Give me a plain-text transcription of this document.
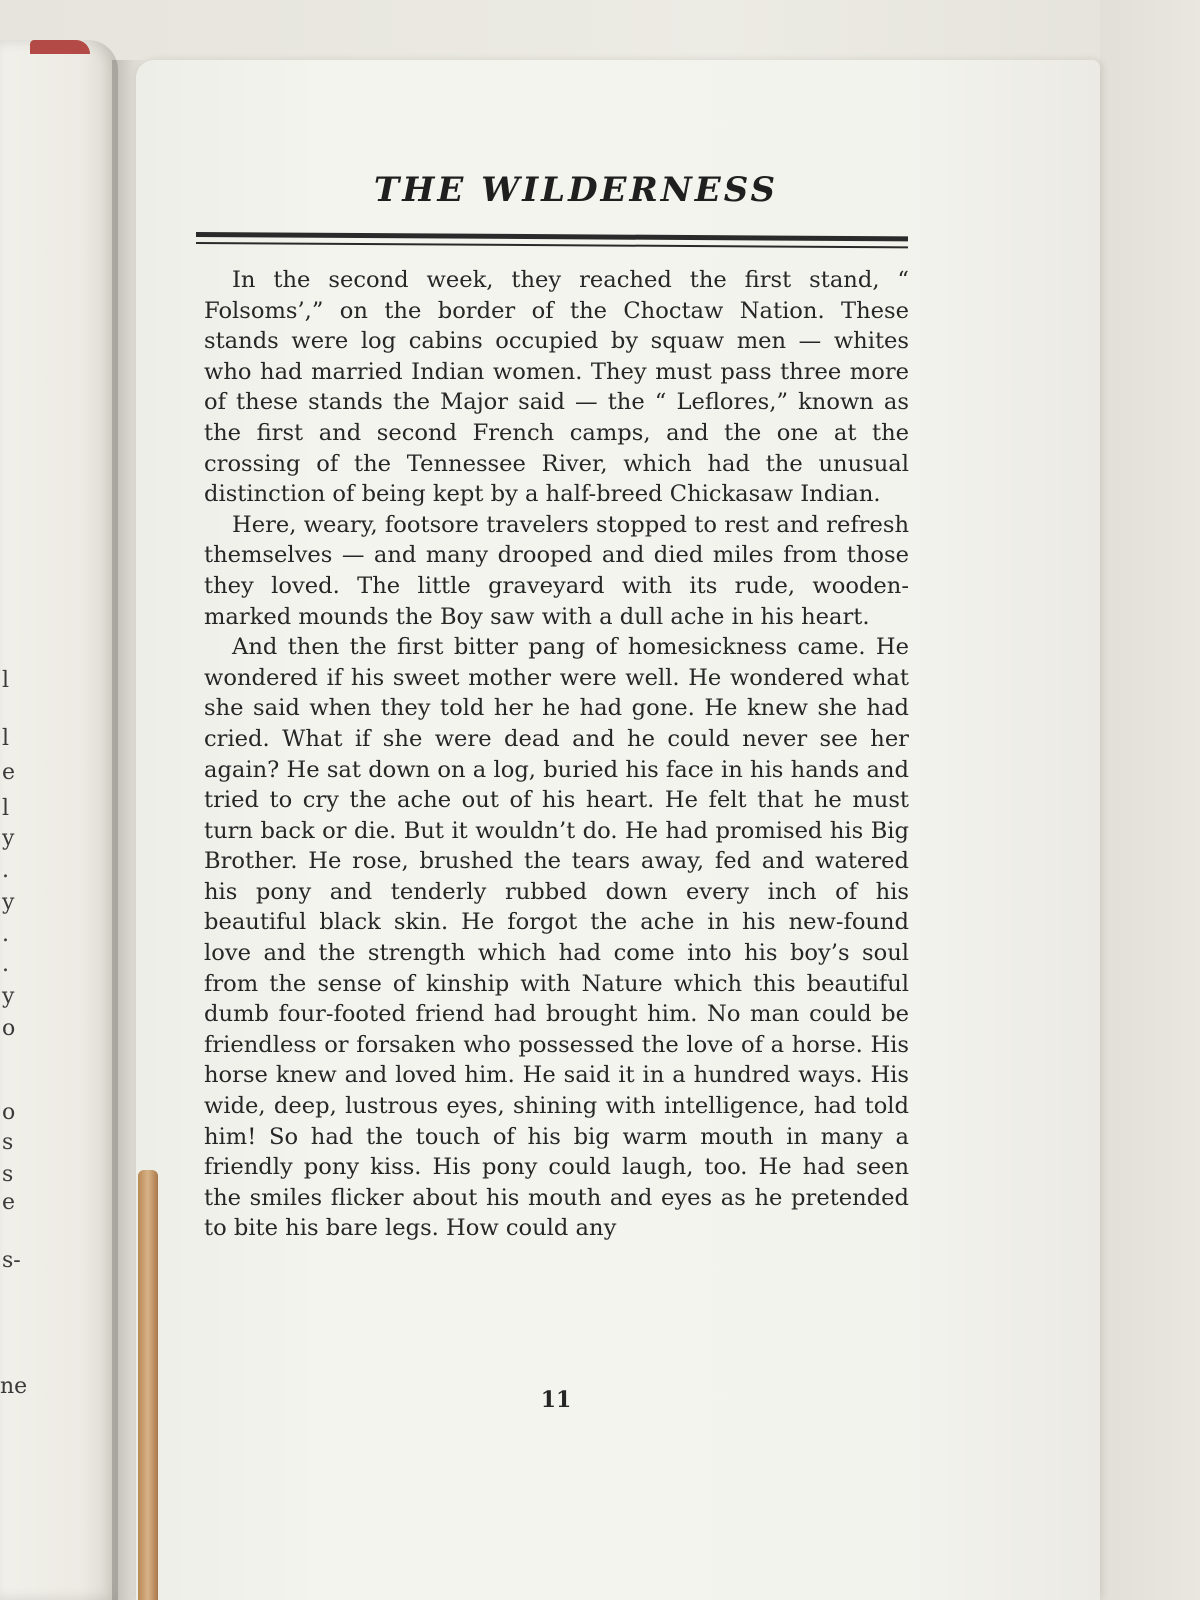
l
l
e
l
y
.
y
.
.
y
o
o
s
s
e
s-
ne
THE WILDERNESS

In the second week, they reached the first stand, “ Folsoms’,” on the border of the Choctaw Nation. These stands were log cabins occupied by squaw men — whites who had married Indian women. They must pass three more of these stands the Major said — the “ Leflores,” known as the first and second French camps, and the one at the crossing of the Tennessee River, which had the unusual distinction of being kept by a half-breed Chickasaw Indian.

Here, weary, footsore travelers stopped to rest and refresh themselves — and many drooped and died miles from those they loved. The little graveyard with its rude, wooden-marked mounds the Boy saw with a dull ache in his heart.

And then the first bitter pang of homesickness came. He wondered if his sweet mother were well. He wondered what she said when they told her he had gone. He knew she had cried. What if she were dead and he could never see her again? He sat down on a log, buried his face in his hands and tried to cry the ache out of his heart. He felt that he must turn back or die. But it wouldn’t do. He had promised his Big Brother. He rose, brushed the tears away, fed and watered his pony and tenderly rubbed down every inch of his beautiful black skin. He forgot the ache in his new-found love and the strength which had come into his boy’s soul from the sense of kinship with Nature which this beautiful dumb four-footed friend had brought him. No man could be friendless or forsaken who possessed the love of a horse. His horse knew and loved him. He said it in a hundred ways. His wide, deep, lustrous eyes, shining with intelligence, had told him! So had the touch of his big warm mouth in many a friendly pony kiss. His pony could laugh, too. He had seen the smiles flicker about his mouth and eyes as he pretended to bite his bare legs. How could any

11
